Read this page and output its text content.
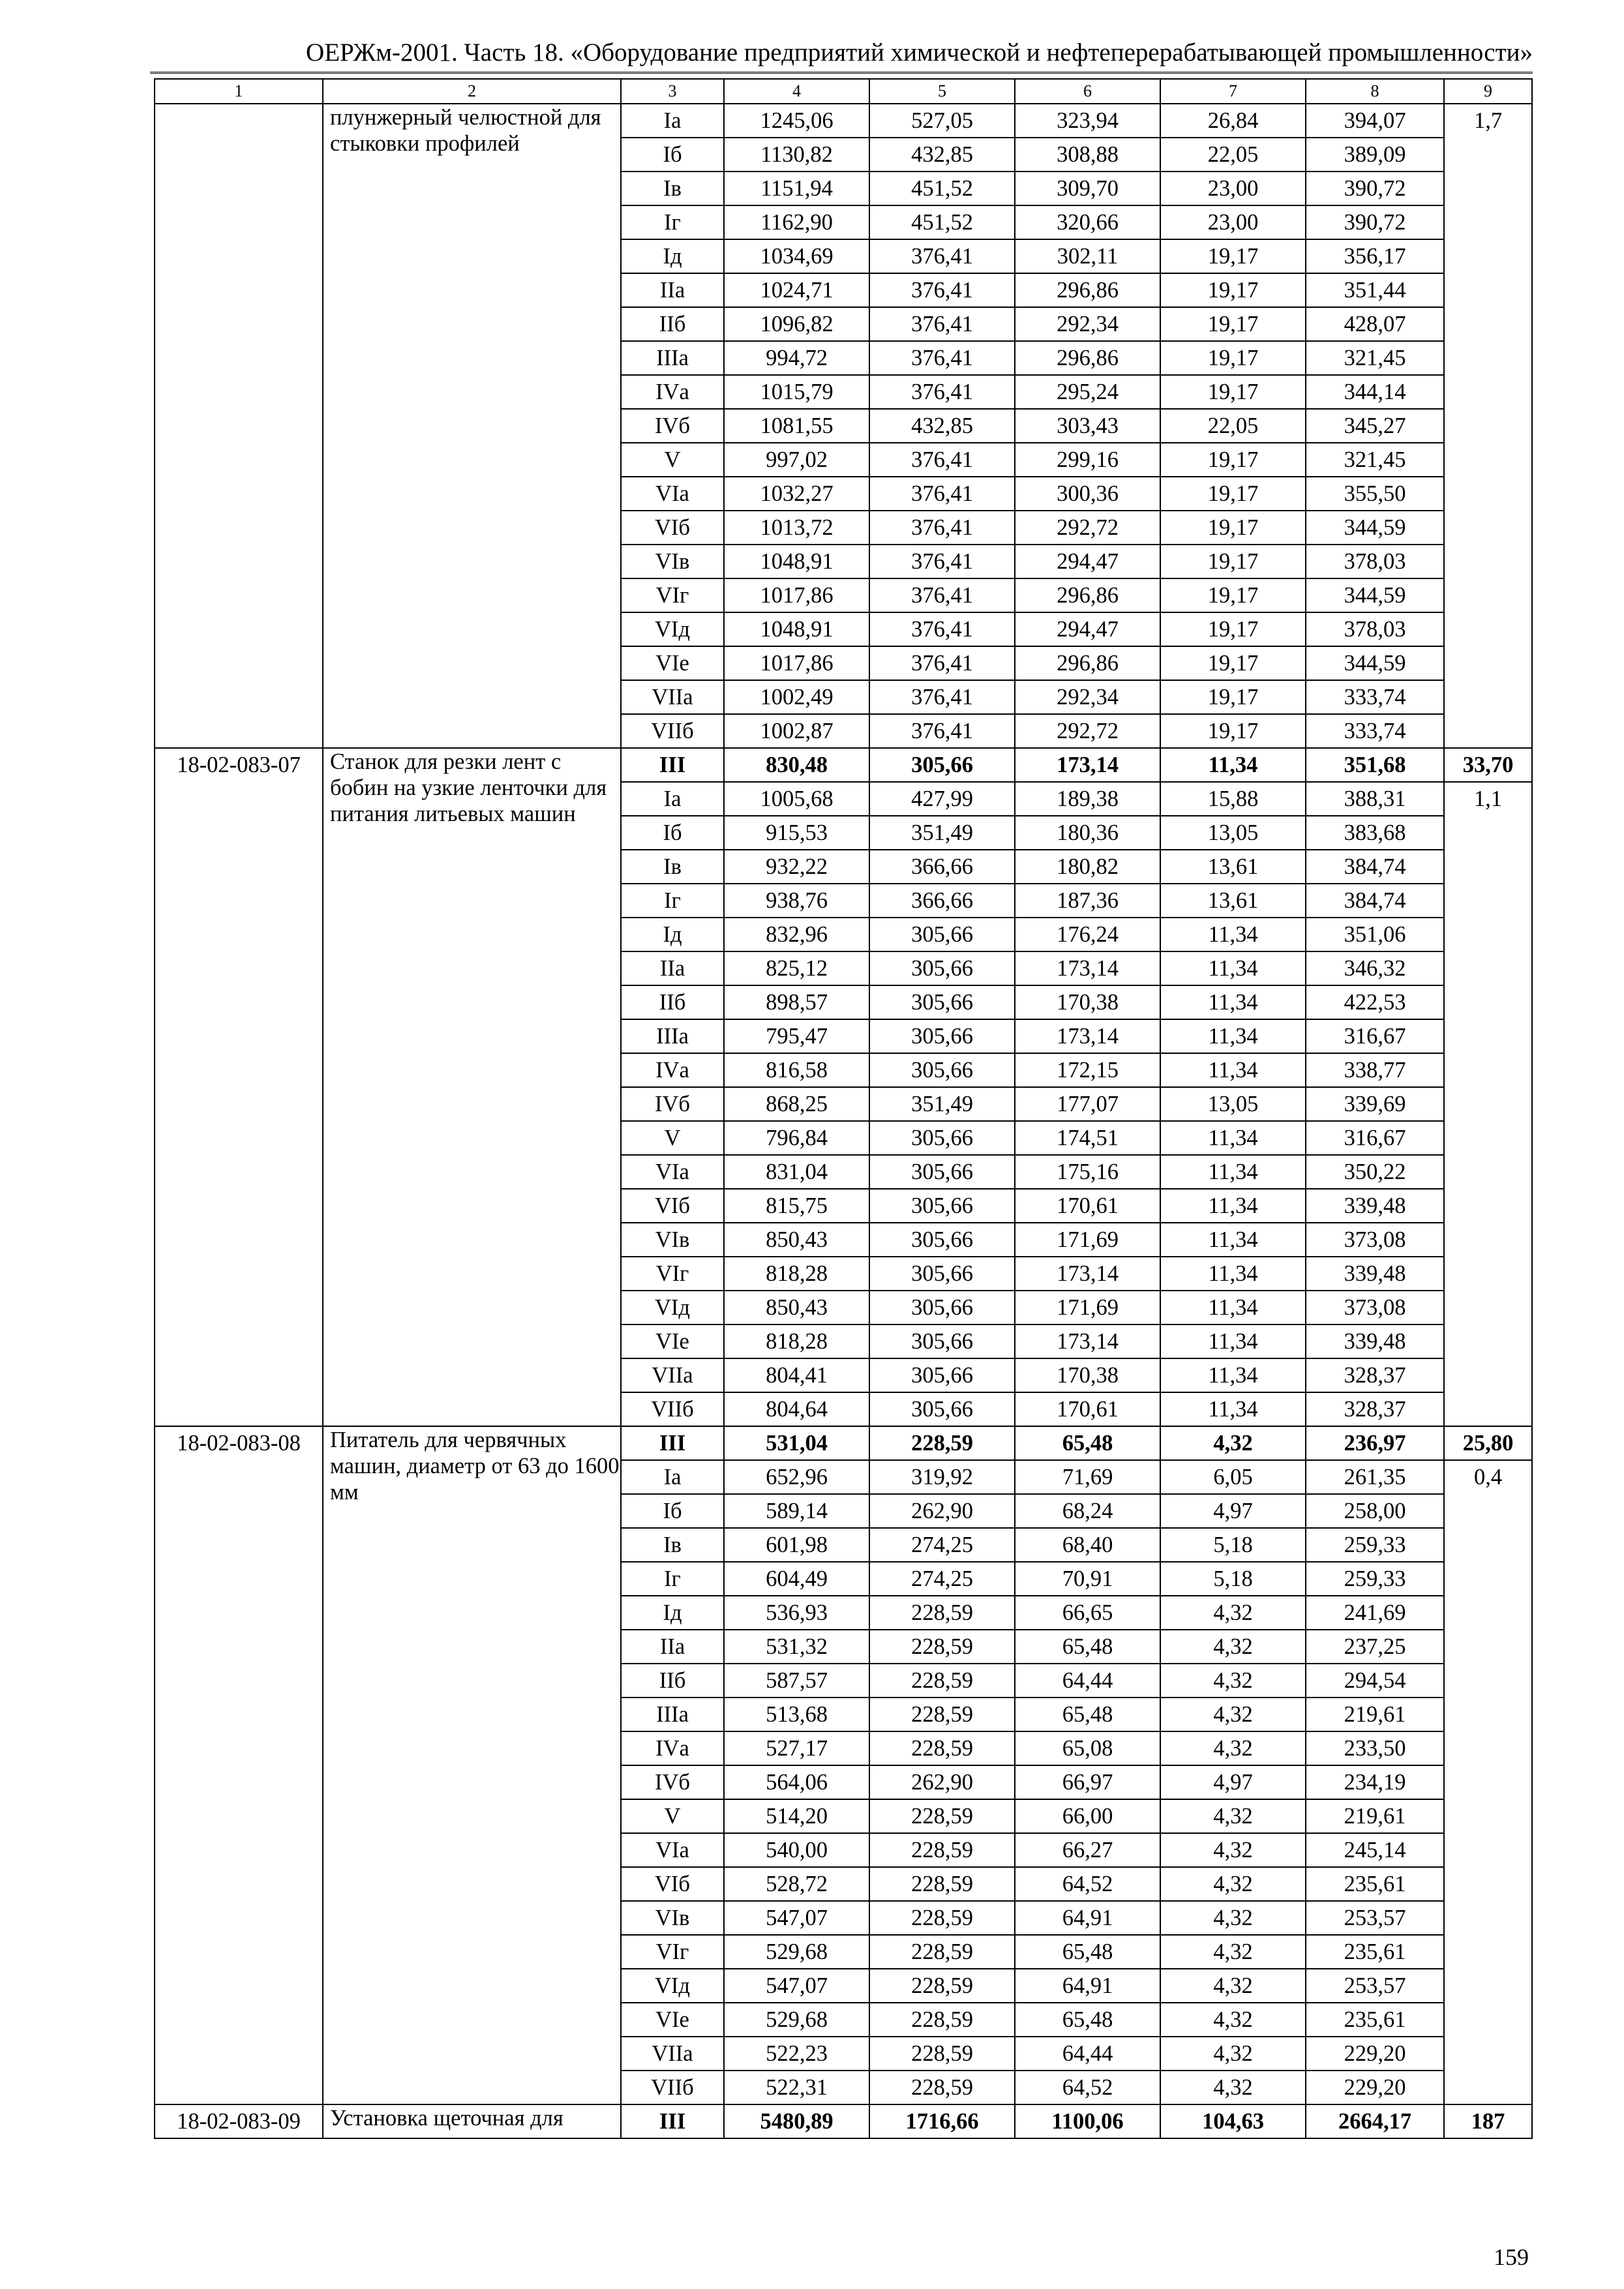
ОЕРЖм-2001. Часть 18. «Оборудование предприятий химической и нефтеперерабатывающей промышленности»
1	2	3	4	5	6	7	8	9
	плунжерный челюстной для стыковки профилей	Iа	1245,06	527,05	323,94	26,84	394,07	1,7
		Iб	1130,82	432,85	308,88	22,05	389,09	
		Iв	1151,94	451,52	309,70	23,00	390,72	
		Iг	1162,90	451,52	320,66	23,00	390,72	
		Iд	1034,69	376,41	302,11	19,17	356,17	
		IIа	1024,71	376,41	296,86	19,17	351,44	
		IIб	1096,82	376,41	292,34	19,17	428,07	
		IIIа	994,72	376,41	296,86	19,17	321,45	
		IVа	1015,79	376,41	295,24	19,17	344,14	
		IVб	1081,55	432,85	303,43	22,05	345,27	
		V	997,02	376,41	299,16	19,17	321,45	
		VIа	1032,27	376,41	300,36	19,17	355,50	
		VIб	1013,72	376,41	292,72	19,17	344,59	
		VIв	1048,91	376,41	294,47	19,17	378,03	
		VIг	1017,86	376,41	296,86	19,17	344,59	
		VIд	1048,91	376,41	294,47	19,17	378,03	
		VIе	1017,86	376,41	296,86	19,17	344,59	
		VIIа	1002,49	376,41	292,34	19,17	333,74	
		VIIб	1002,87	376,41	292,72	19,17	333,74	
18-02-083-07	Станок для резки лент с бобин на узкие ленточки для питания литьевых машин	III	830,48	305,66	173,14	11,34	351,68	33,70
		Iа	1005,68	427,99	189,38	15,88	388,31	1,1
		Iб	915,53	351,49	180,36	13,05	383,68	
		Iв	932,22	366,66	180,82	13,61	384,74	
		Iг	938,76	366,66	187,36	13,61	384,74	
		Iд	832,96	305,66	176,24	11,34	351,06	
		IIа	825,12	305,66	173,14	11,34	346,32	
		IIб	898,57	305,66	170,38	11,34	422,53	
		IIIа	795,47	305,66	173,14	11,34	316,67	
		IVа	816,58	305,66	172,15	11,34	338,77	
		IVб	868,25	351,49	177,07	13,05	339,69	
		V	796,84	305,66	174,51	11,34	316,67	
		VIа	831,04	305,66	175,16	11,34	350,22	
		VIб	815,75	305,66	170,61	11,34	339,48	
		VIв	850,43	305,66	171,69	11,34	373,08	
		VIг	818,28	305,66	173,14	11,34	339,48	
		VIд	850,43	305,66	171,69	11,34	373,08	
		VIе	818,28	305,66	173,14	11,34	339,48	
		VIIа	804,41	305,66	170,38	11,34	328,37	
		VIIб	804,64	305,66	170,61	11,34	328,37	
18-02-083-08	Питатель для червячных машин, диаметр от 63 до 1600 мм	III	531,04	228,59	65,48	4,32	236,97	25,80
		Iа	652,96	319,92	71,69	6,05	261,35	0,4
		Iб	589,14	262,90	68,24	4,97	258,00	
		Iв	601,98	274,25	68,40	5,18	259,33	
		Iг	604,49	274,25	70,91	5,18	259,33	
		Iд	536,93	228,59	66,65	4,32	241,69	
		IIа	531,32	228,59	65,48	4,32	237,25	
		IIб	587,57	228,59	64,44	4,32	294,54	
		IIIа	513,68	228,59	65,48	4,32	219,61	
		IVа	527,17	228,59	65,08	4,32	233,50	
		IVб	564,06	262,90	66,97	4,97	234,19	
		V	514,20	228,59	66,00	4,32	219,61	
		VIа	540,00	228,59	66,27	4,32	245,14	
		VIб	528,72	228,59	64,52	4,32	235,61	
		VIв	547,07	228,59	64,91	4,32	253,57	
		VIг	529,68	228,59	65,48	4,32	235,61	
		VIд	547,07	228,59	64,91	4,32	253,57	
		VIе	529,68	228,59	65,48	4,32	235,61	
		VIIа	522,23	228,59	64,44	4,32	229,20	
		VIIб	522,31	228,59	64,52	4,32	229,20	
18-02-083-09	Установка щеточная для	III	5480,89	1716,66	1100,06	104,63	2664,17	187
159
